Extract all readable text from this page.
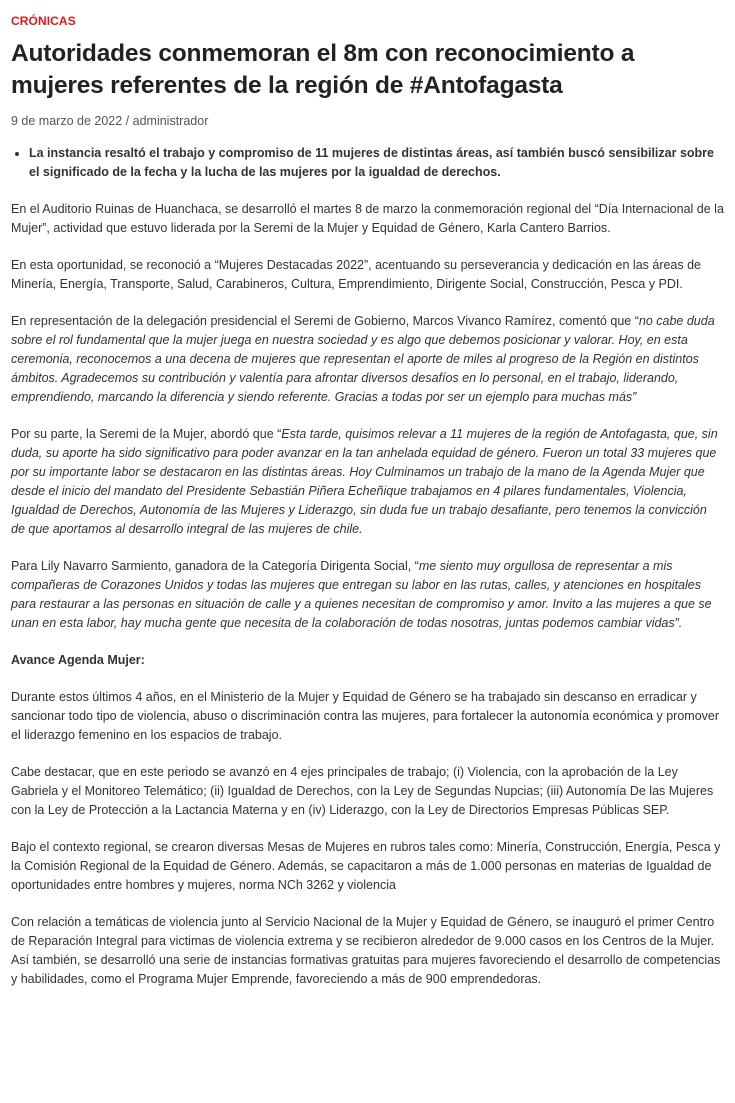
CRÓNICAS
Autoridades conmemoran el 8m con reconocimiento a mujeres referentes de la región de #Antofagasta
9 de marzo de 2022 / administrador
• La instancia resaltó el trabajo y compromiso de 11 mujeres de distintas áreas, así también buscó sensibilizar sobre el significado de la fecha y la lucha de las mujeres por la igualdad de derechos.

En el Auditorio Ruinas de Huanchaca, se desarrolló el martes 8 de marzo la conmemoración regional del “Día Internacional de la Mujer”, actividad que estuvo liderada por la Seremi de la Mujer y Equidad de Género, Karla Cantero Barrios.

En esta oportunidad, se reconoció a “Mujeres Destacadas 2022”, acentuando su perseverancia y dedicación en las áreas de Minería, Energía, Transporte, Salud, Carabineros, Cultura, Emprendimiento, Dirigente Social, Construcción, Pesca y PDI.

En representación de la delegación presidencial el Seremi de Gobierno, Marcos Vivanco Ramírez, comentó que “no cabe duda sobre el rol fundamental que la mujer juega en nuestra sociedad y es algo que debemos posicionar y valorar. Hoy, en esta ceremonia, reconocemos a una decena de mujeres que representan el aporte de miles al progreso de la Región en distintos ámbitos. Agradecemos su contribución y valentía para afrontar diversos desafíos en lo personal, en el trabajo, liderando, emprendiendo, marcando la diferencia y siendo referente. Gracias a todas por ser un ejemplo para muchas más”

Por su parte, la Seremi de la Mujer, abordó que “Esta tarde, quisimos relevar a 11 mujeres de la región de Antofagasta, que, sin duda, su aporte ha sido significativo para poder avanzar en la tan anhelada equidad de género. Fueron un total 33 mujeres que por su importante labor se destacaron en las distintas áreas. Hoy Culminamos un trabajo de la mano de la Agenda Mujer que desde el inicio del mandato del Presidente Sebastián Piñera Echeñique trabajamos en 4 pilares fundamentales, Violencia, Igualdad de Derechos, Autonomía de las Mujeres y Liderazgo, sin duda fue un trabajo desafiante, pero tenemos la convicción de que aportamos al desarrollo integral de las mujeres de chile.

Para Lily Navarro Sarmiento, ganadora de la Categoría Dirigenta Social, “me siento muy orgullosa de representar a mis compañeras de Corazones Unidos y todas las mujeres que entregan su labor en las rutas, calles, y atenciones en hospitales para restaurar a las personas en situación de calle y a quienes necesitan de compromiso y amor. Invito a las mujeres a que se unan en esta labor, hay mucha gente que necesita de la colaboración de todas nosotras, juntas podemos cambiar vidas”.

Avance Agenda Mujer:

Durante estos últimos 4 años, en el Ministerio de la Mujer y Equidad de Género se ha trabajado sin descanso en erradicar y sancionar todo tipo de violencia, abuso o discriminación contra las mujeres, para fortalecer la autonomía económica y promover el liderazgo femenino en los espacios de trabajo.

Cabe destacar, que en este periodo se avanzó en 4 ejes principales de trabajo; (i) Violencia, con la aprobación de la Ley Gabriela y el Monitoreo Telemático; (ii) Igualdad de Derechos, con la Ley de Segundas Nupcias; (iii) Autonomía De las Mujeres con la Ley de Protección a la Lactancia Materna y en (iv) Liderazgo, con la Ley de Directorios Empresas Públicas SEP.

Bajo el contexto regional, se crearon diversas Mesas de Mujeres en rubros tales como: Minería, Construcción, Energía, Pesca y la Comisión Regional de la Equidad de Género. Además, se capacitaron a más de 1.000 personas en materias de Igualdad de oportunidades entre hombres y mujeres, norma NCh 3262 y violencia

Con relación a temáticas de violencia junto al Servicio Nacional de la Mujer y Equidad de Género, se inauguró el primer Centro de Reparación Integral para victimas de violencia extrema y se recibieron alrededor de 9.000 casos en los Centros de la Mujer. Así también, se desarrolló una serie de instancias formativas gratuitas para mujeres favoreciendo el desarrollo de competencias y habilidades, como el Programa Mujer Emprende, favoreciendo a más de 900 emprendedoras.
